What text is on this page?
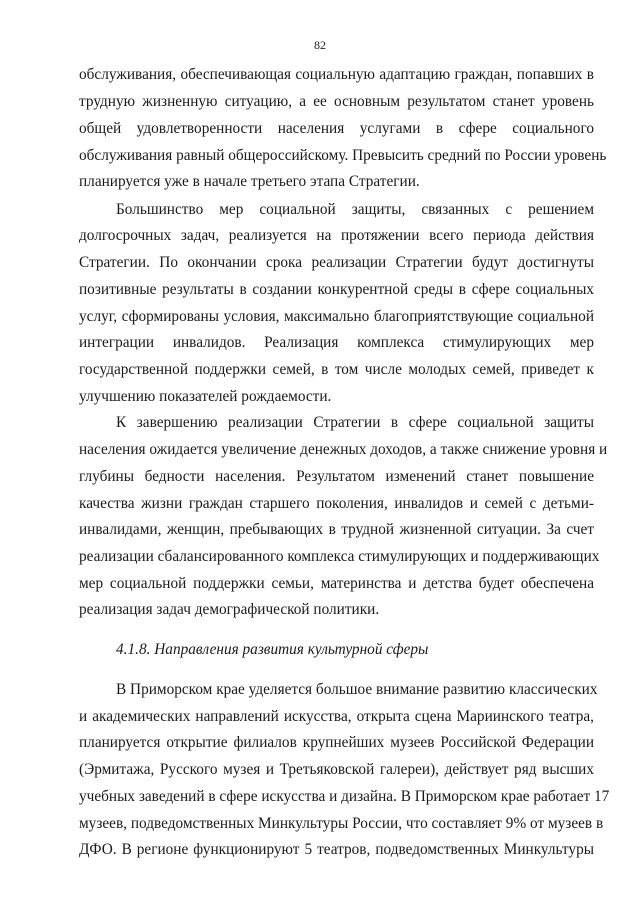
82
обслуживания, обеспечивающая социальную адаптацию граждан, попавших в
трудную жизненную ситуацию, а ее основным результатом станет уровень
общей удовлетворенности населения услугами в сфере социального
обслуживания равный общероссийскому. Превысить средний по России уровень
планируется уже в начале третьего этапа Стратегии.
Большинство мер социальной защиты, связанных с решением
долгосрочных задач, реализуется на протяжении всего периода действия
Стратегии. По окончании срока реализации Стратегии будут достигнуты
позитивные результаты в создании конкурентной среды в сфере социальных
услуг, сформированы условия, максимально благоприятствующие социальной
интеграции инвалидов. Реализация комплекса стимулирующих мер
государственной поддержки семей, в том числе молодых семей, приведет к
улучшению показателей рождаемости.
К завершению реализации Стратегии в сфере социальной защиты
населения ожидается увеличение денежных доходов, а также снижение уровня и
глубины бедности населения. Результатом изменений станет повышение
качества жизни граждан старшего поколения, инвалидов и семей с детьми-
инвалидами, женщин, пребывающих в трудной жизненной ситуации. За счет
реализации сбалансированного комплекса стимулирующих и поддерживающих
мер социальной поддержки семьи, материнства и детства будет обеспечена
реализация задач демографической политики.
4.1.8. Направления развития культурной сферы
В Приморском крае уделяется большое внимание развитию классических
и академических направлений искусства, открыта сцена Мариинского театра,
планируется открытие филиалов крупнейших музеев Российской Федерации
(Эрмитажа, Русского музея и Третьяковской галереи), действует ряд высших
учебных заведений в сфере искусства и дизайна. В Приморском крае работает 17
музеев, подведомственных Минкультуры России, что составляет 9% от музеев в
ДФО. В регионе функционируют 5 театров, подведомственных Минкультуры
